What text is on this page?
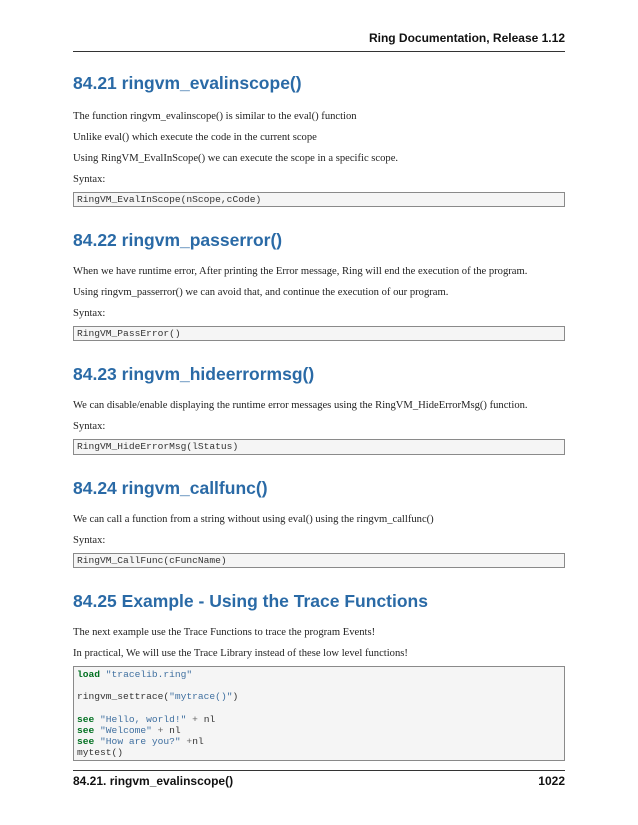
Ring Documentation, Release 1.12
84.21 ringvm_evalinscope()

The function ringvm_evalinscope() is similar to the eval() function

Unlike eval() which execute the code in the current scope

Using RingVM_EvalInScope() we can execute the scope in a specific scope.

Syntax:

RingVM_EvalInScope(nScope,cCode)
84.22 ringvm_passerror()

When we have runtime error, After printing the Error message, Ring will end the execution of the program.

Using ringvm_passerror() we can avoid that, and continue the execution of our program.

Syntax:

RingVM_PassError()
84.23 ringvm_hideerrormsg()

We can disable/enable displaying the runtime error messages using the RingVM_HideErrorMsg() function.

Syntax:

RingVM_HideErrorMsg(lStatus)
84.24 ringvm_callfunc()

We can call a function from a string without using eval() using the ringvm_callfunc()

Syntax:

RingVM_CallFunc(cFuncName)
84.25 Example - Using the Trace Functions

The next example use the Trace Functions to trace the program Events!

In practical, We will use the Trace Library instead of these low level functions!

load "tracelib.ring"

ringvm_settrace("mytrace()")

see "Hello, world!" + nl
see "Welcome" + nl
see "How are you?" +nl
mytest()
84.21. ringvm_evalinscope()	1022
